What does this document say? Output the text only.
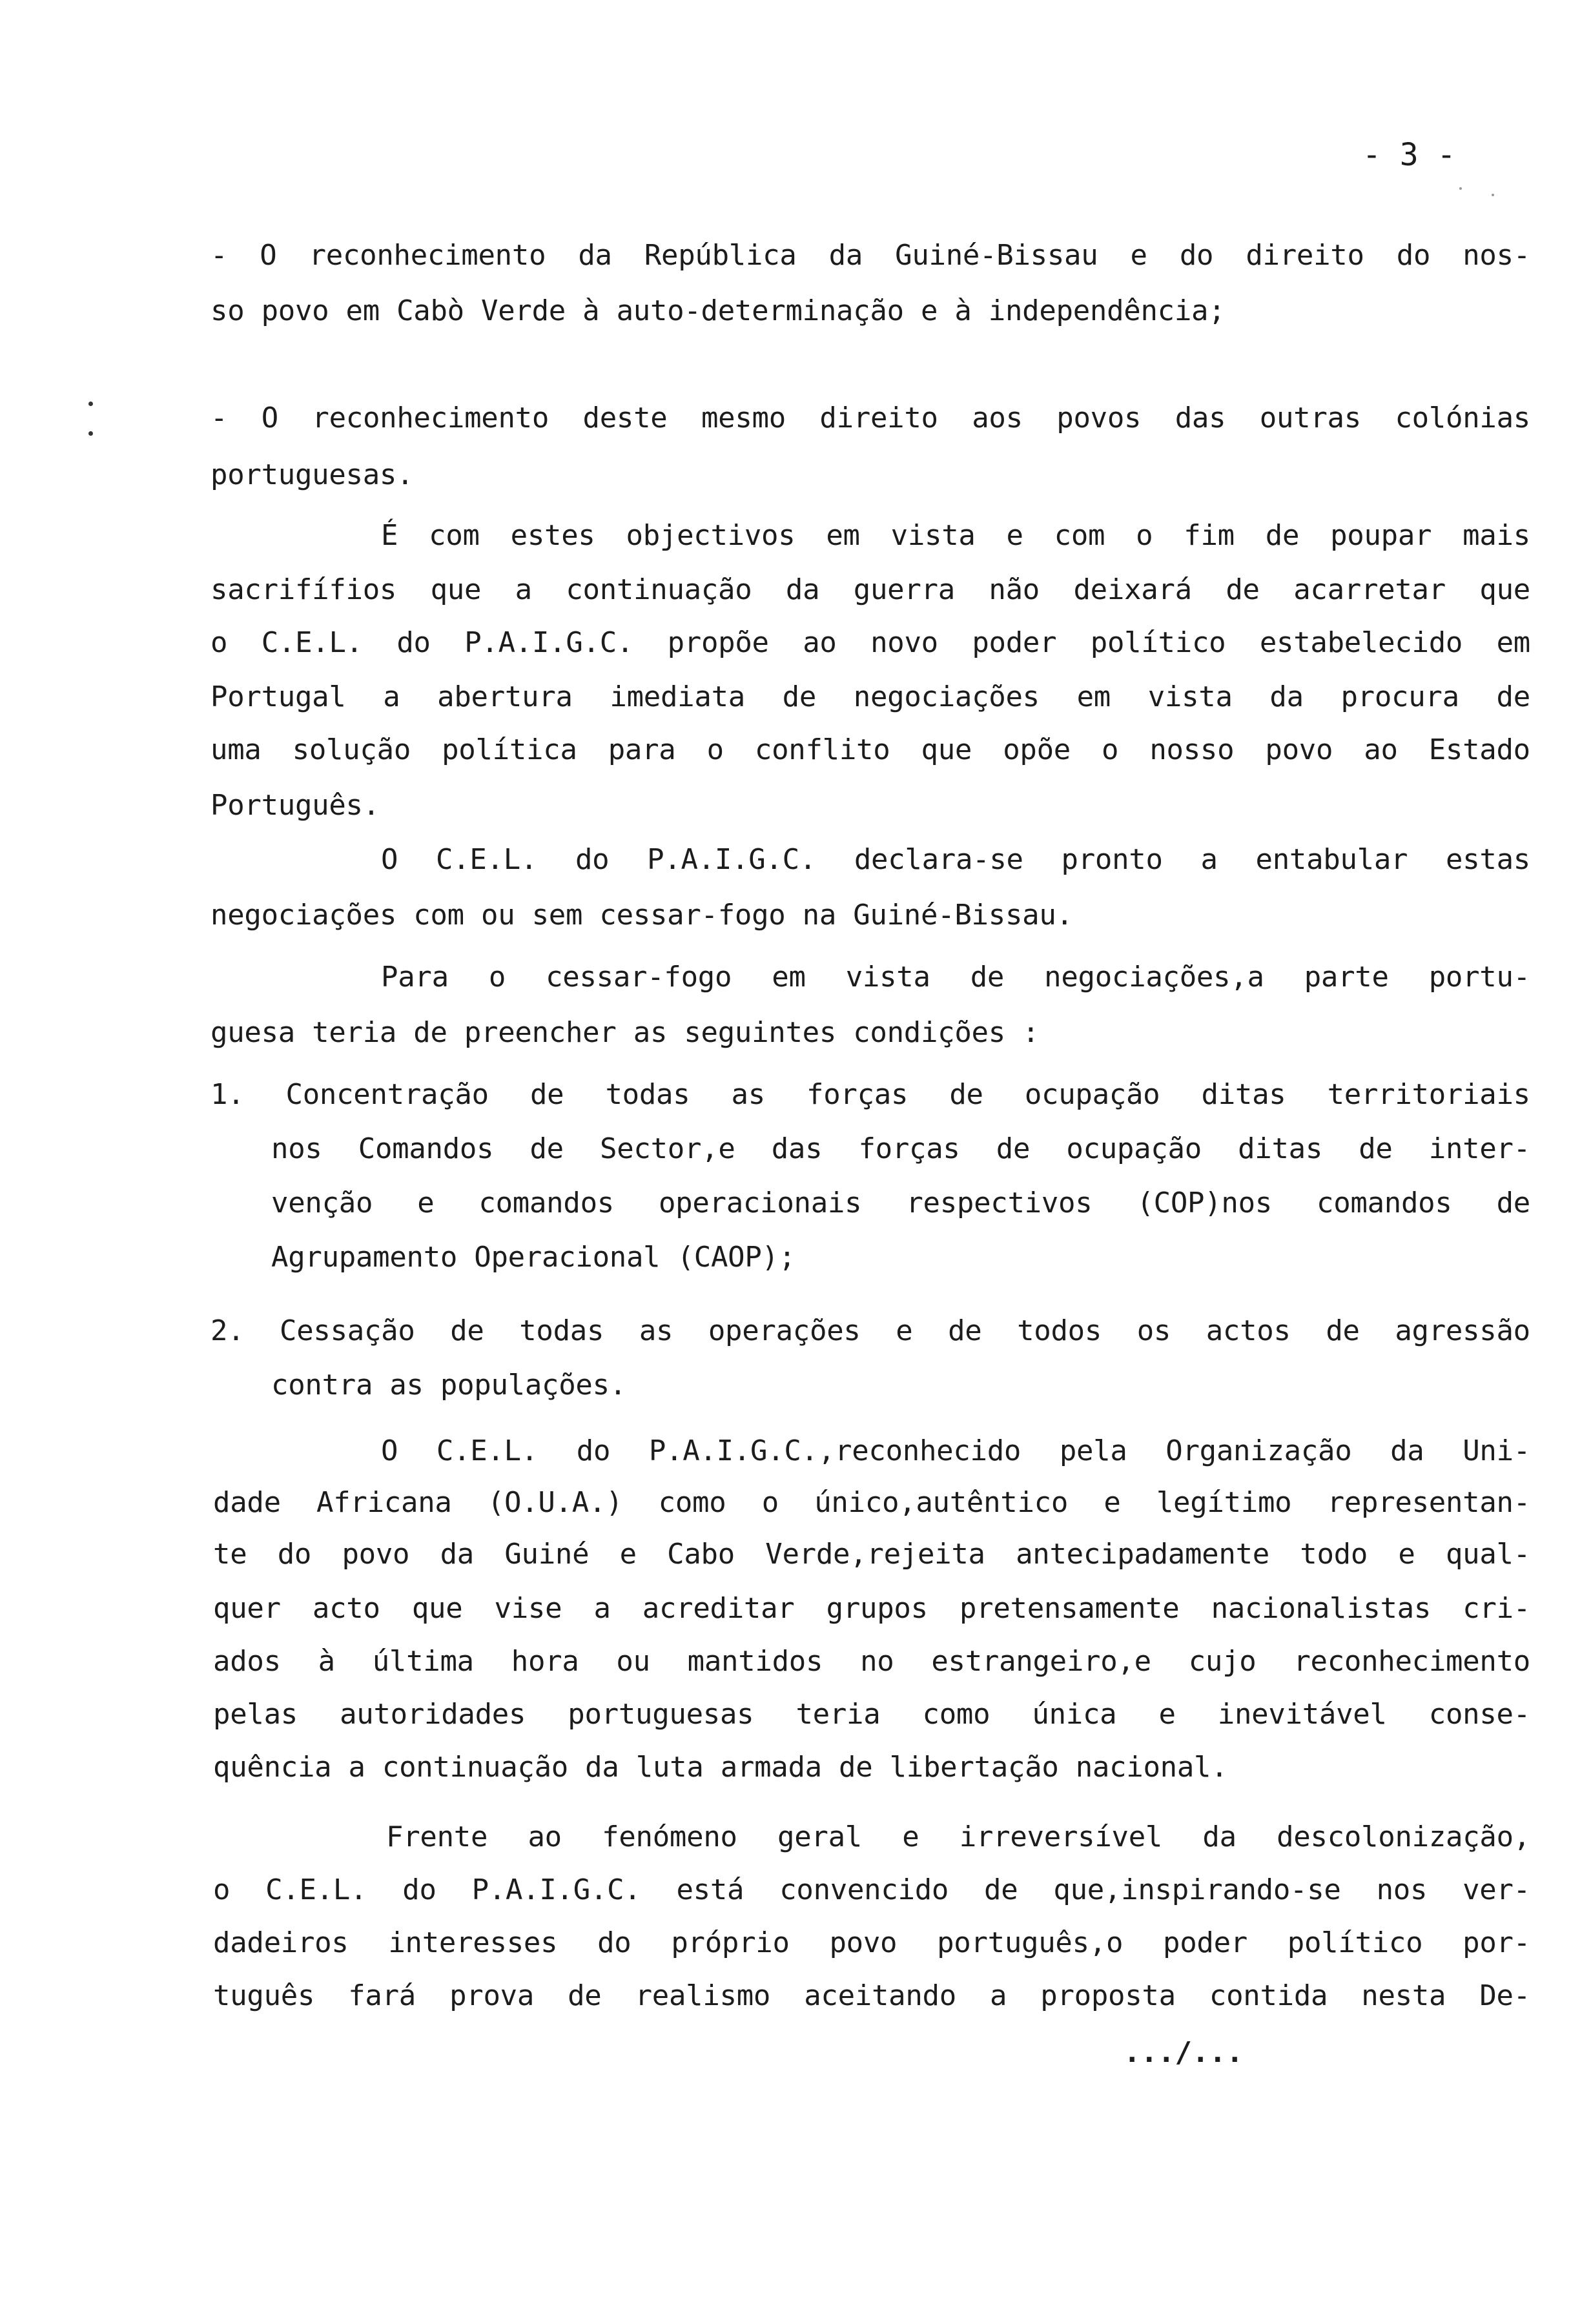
- 3 -
- O reconhecimento da República da Guiné-Bissau e do direito do nos-
so povo em Cabò Verde à auto-determinação e à independência;
- O reconhecimento deste mesmo direito aos povos das outras colónias
portuguesas.
É com estes objectivos em vista e com o fim de poupar mais
sacrifífios que a continuação da guerra não deixará de acarretar que
o C.E.L. do P.A.I.G.C. propõe ao novo poder político estabelecido em
Portugal a abertura imediata de negociações em vista da procura de
uma solução política para o conflito que opõe o nosso povo ao Estado
Português.
O C.E.L. do P.A.I.G.C. declara-se pronto a entabular estas
negociações com ou sem cessar-fogo na Guiné-Bissau.
Para o cessar-fogo em vista de negociações,a parte portu-
guesa teria de preencher as seguintes condições :
1. Concentração de todas as forças de ocupação ditas territoriais
nos Comandos de Sector,e das forças de ocupação ditas de inter-
venção e comandos operacionais respectivos (COP)nos comandos de
Agrupamento Operacional (CAOP);
2. Cessação de todas as operações e de todos os actos de agressão
contra as populações.
O C.E.L. do P.A.I.G.C.,reconhecido pela Organização da Uni-
dade Africana (O.U.A.) como o único,autêntico e legítimo representan-
te do povo da Guiné e Cabo Verde,rejeita antecipadamente todo e qual-
quer acto que vise a acreditar grupos pretensamente nacionalistas cri-
ados à última hora ou mantidos no estrangeiro,e cujo reconhecimento
pelas autoridades portuguesas teria como única e inevitável conse-
quência a continuação da luta armada de libertação nacional.
Frente ao fenómeno geral e irreversível da descolonização,
o C.E.L. do P.A.I.G.C. está convencido de que,inspirando-se nos ver-
dadeiros interesses do próprio povo português,o poder político por-
tuguês fará prova de realismo aceitando a proposta contida nesta De-
.../...
